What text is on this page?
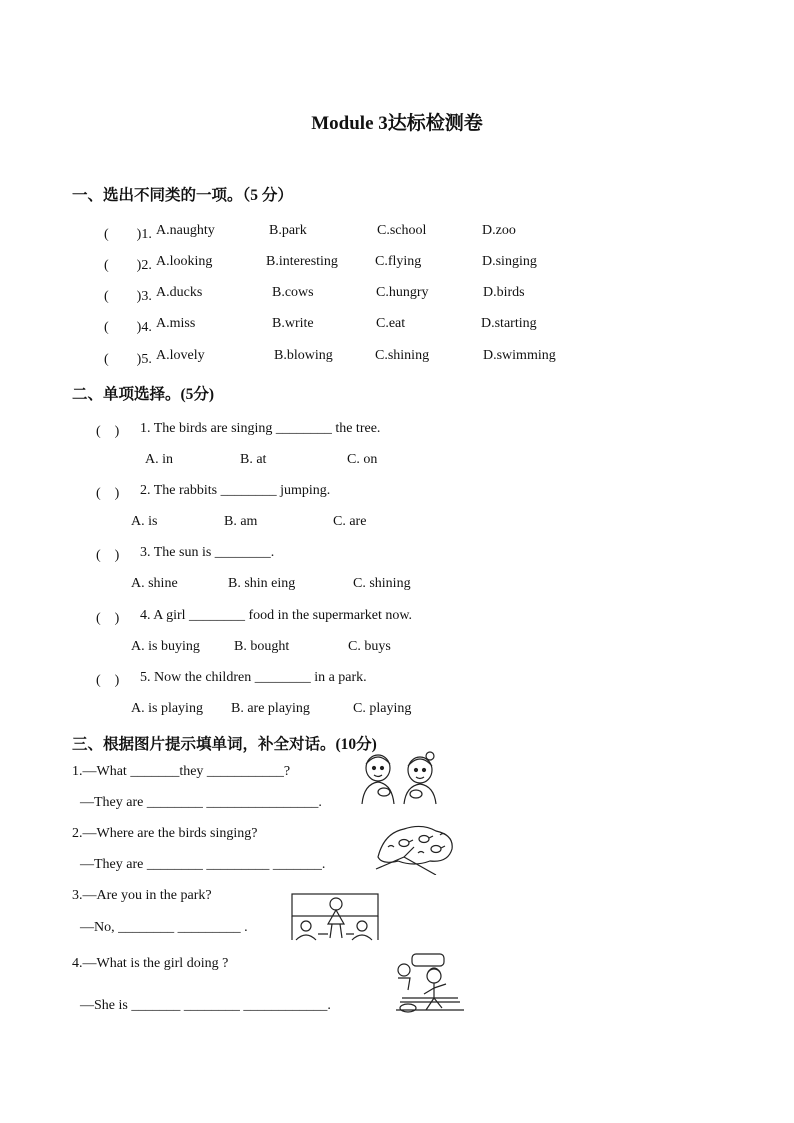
Module 3达标检测卷
一、选出不同类的一项。（5 分）
(　　)1. A.naughty	B.park	C.school	D.zoo
(　　)2. A.looking	B.interesting	C.flying	D.singing
(　　)3. A.ducks	B.cows	C.hungry	D.birds
(　　)4. A.miss	B.write	C.eat	D.starting
(　　)5. A.lovely	B.blowing	C.shining	D.swimming
二、单项选择。(5分)
(　) 1. The birds are singing ________ the tree.
A. in	B. at	C. on
(　) 2. The rabbits ________ jumping.
A. is	B. am	C. are
(　) 3. The sun is ________.
A. shine	B. shin eing	C. shining
(　) 4. A girl ________ food in the supermarket now.
A. is buying B. bought	C. buys
(　) 5. Now the children ________ in a park.
A. is playing B. are playing	C. playing
三、根据图片提示填单词，补全对话。(10分)
1.—What _______they ___________?
—They are ________ ________________.
2.—Where are the birds singing?
—They are ________ _________ _______.
3.—Are you in the park?
—No, ________ _________ .
4.—What is the girl doing ?
—She is _______ ________ ____________.
